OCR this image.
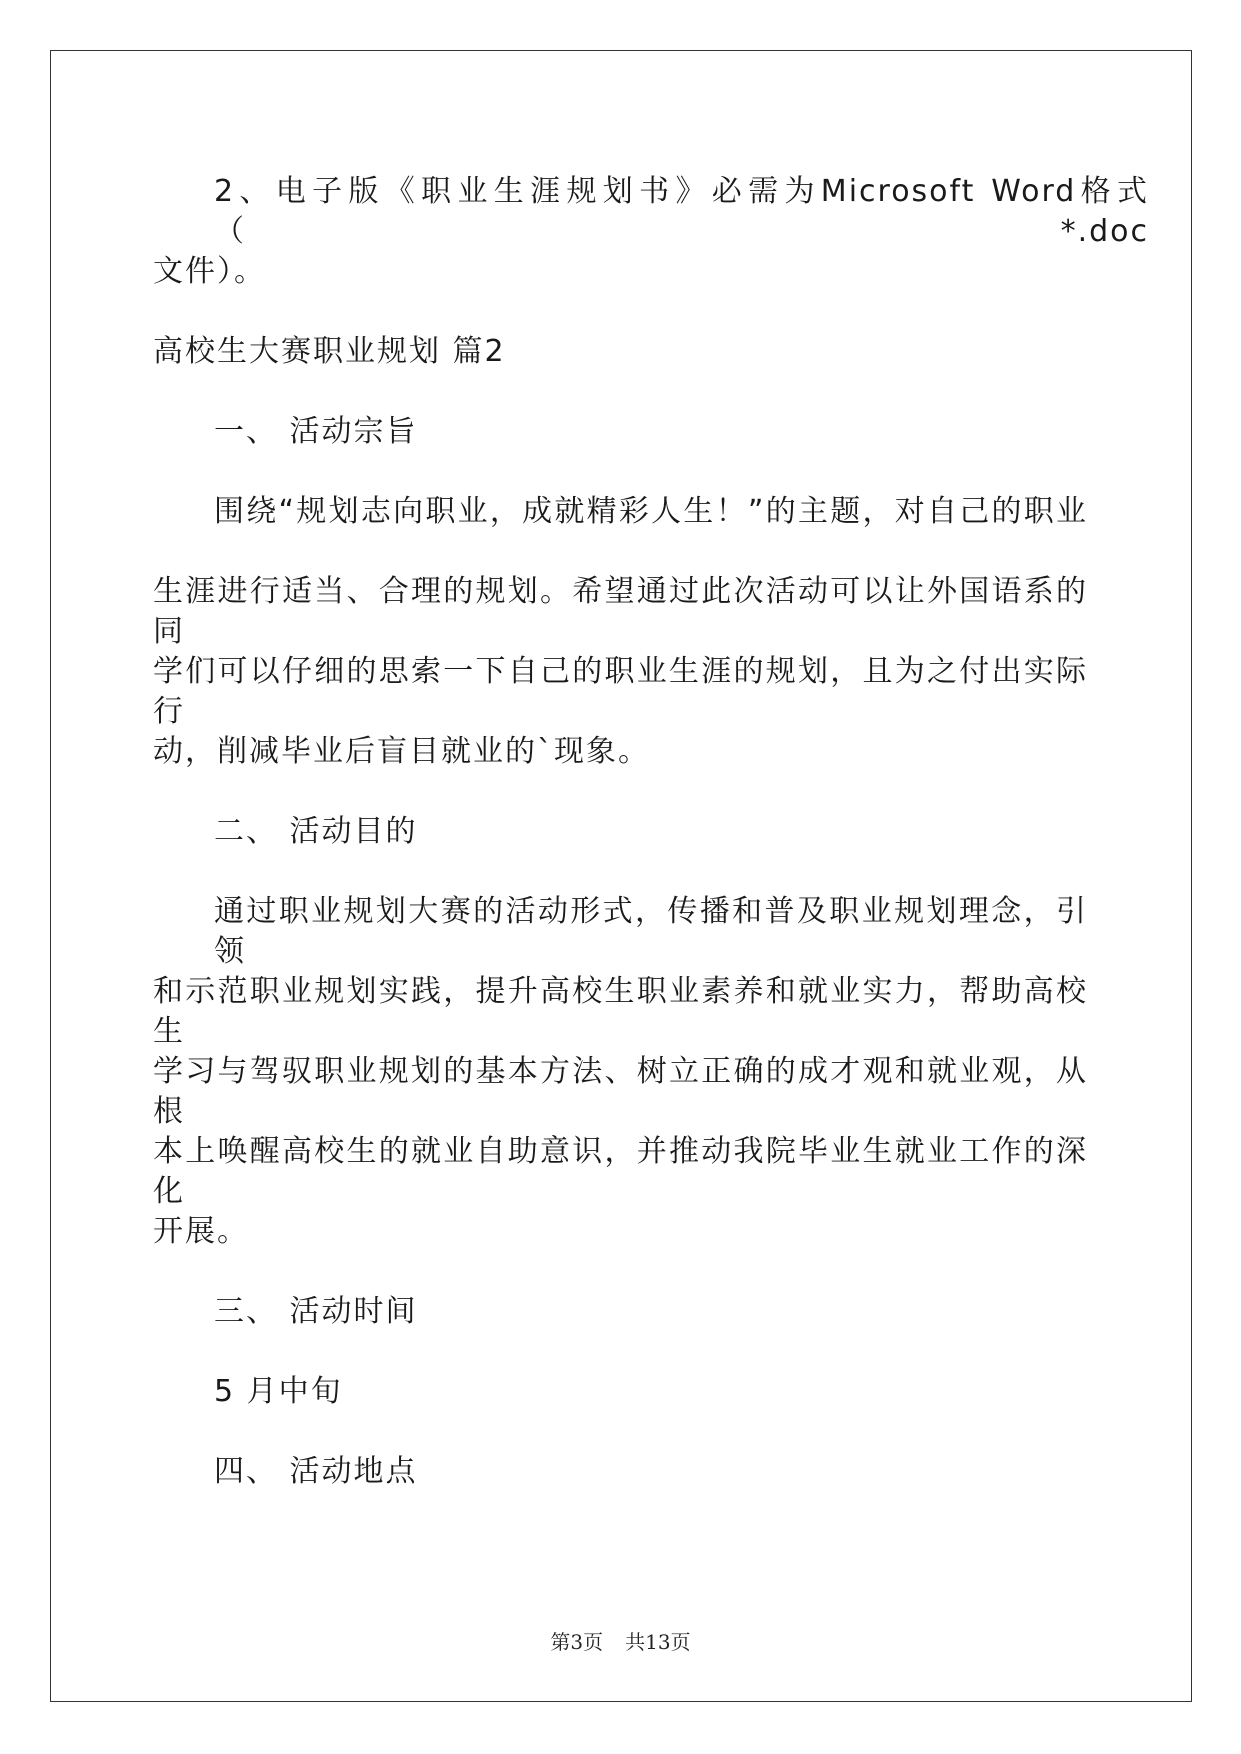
2、电子版《职业生涯规划书》必需为Microsoft Word格式（*.doc
文件）。
高校生大赛职业规划 篇2
一、 活动宗旨
围绕“规划志向职业，成就精彩人生！”的主题，对自己的职业
生涯进行适当、合理的规划。希望通过此次活动可以让外国语系的同
学们可以仔细的思索一下自己的职业生涯的规划，且为之付出实际行
动，削减毕业后盲目就业的`现象。
二、 活动目的
通过职业规划大赛的活动形式，传播和普及职业规划理念，引领
和示范职业规划实践，提升高校生职业素养和就业实力，帮助高校生
学习与驾驭职业规划的基本方法、树立正确的成才观和就业观，从根
本上唤醒高校生的就业自助意识，并推动我院毕业生就业工作的深化
开展。
三、 活动时间
5 月中旬
四、 活动地点
第3页 共13页
